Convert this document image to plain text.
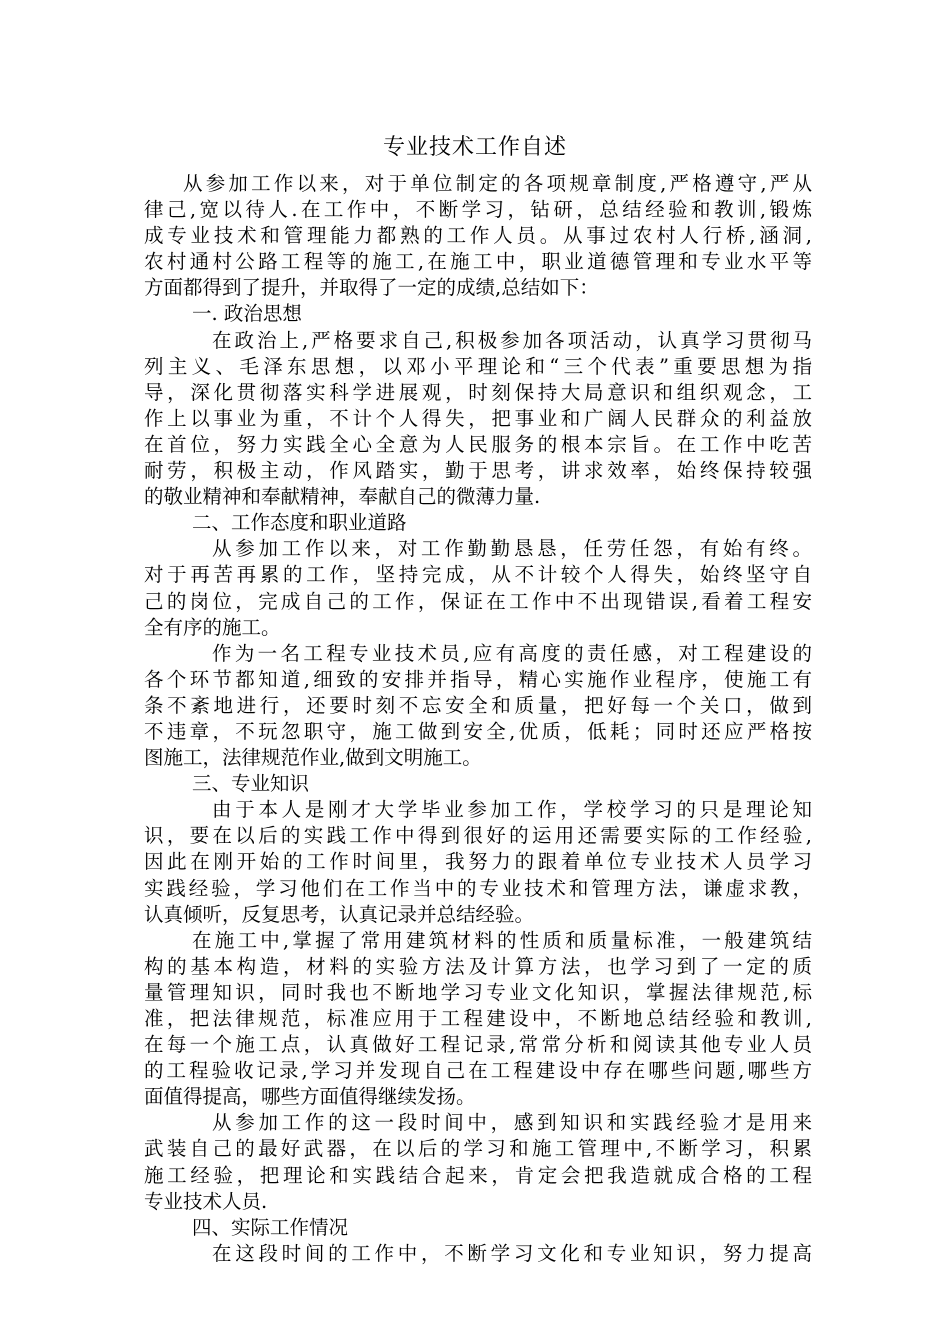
专业技术工作自述
从参加工作以来，对于单位制定的各项规章制度,严格遵守,严从
律己,宽以待人.在工作中，不断学习，钻研，总结经验和教训,锻炼
成专业技术和管理能力都熟的工作人员。从事过农村人行桥,涵洞,
农村通村公路工程等的施工,在施工中，职业道德管理和专业水平等
方面都得到了提升，并取得了一定的成绩,总结如下：
一. 政治思想
在政治上,严格要求自己,积极参加各项活动，认真学习贯彻马
列主义、毛泽东思想，以邓小平理论和“三个代表”重要思想为指
导，深化贯彻落实科学进展观，时刻保持大局意识和组织观念，工
作上以事业为重，不计个人得失，把事业和广阔人民群众的利益放
在首位，努力实践全心全意为人民服务的根本宗旨。在工作中吃苦
耐劳，积极主动，作风踏实，勤于思考，讲求效率，始终保持较强
的敬业精神和奉献精神，奉献自己的微薄力量.
二、工作态度和职业道路
从参加工作以来，对工作勤勤恳恳，任劳任怨，有始有终。
对于再苦再累的工作，坚持完成，从不计较个人得失，始终坚守自
己的岗位，完成自己的工作，保证在工作中不出现错误,看着工程安
全有序的施工。
作为一名工程专业技术员,应有高度的责任感，对工程建设的
各个环节都知道,细致的安排并指导，精心实施作业程序，使施工有
条不紊地进行，还要时刻不忘安全和质量，把好每一个关口，做到
不违章，不玩忽职守，施工做到安全,优质，低耗；同时还应严格按
图施工，法律规范作业,做到文明施工。
三、专业知识
由于本人是刚才大学毕业参加工作，学校学习的只是理论知
识，要在以后的实践工作中得到很好的运用还需要实际的工作经验,
因此在刚开始的工作时间里，我努力的跟着单位专业技术人员学习
实践经验，学习他们在工作当中的专业技术和管理方法，谦虚求教，
认真倾听，反复思考，认真记录并总结经验。
在施工中,掌握了常用建筑材料的性质和质量标准，一般建筑结
构的基本构造，材料的实验方法及计算方法，也学习到了一定的质
量管理知识，同时我也不断地学习专业文化知识，掌握法律规范,标
准，把法律规范，标准应用于工程建设中，不断地总结经验和教训,
在每一个施工点，认真做好工程记录,常常分析和阅读其他专业人员
的工程验收记录,学习并发现自己在工程建设中存在哪些问题,哪些方
面值得提高，哪些方面值得继续发扬。
从参加工作的这一段时间中，感到知识和实践经验才是用来
武装自己的最好武器，在以后的学习和施工管理中,不断学习，积累
施工经验，把理论和实践结合起来，肯定会把我造就成合格的工程
专业技术人员.
四、实际工作情况
在这段时间的工作中，不断学习文化和专业知识，努力提高
